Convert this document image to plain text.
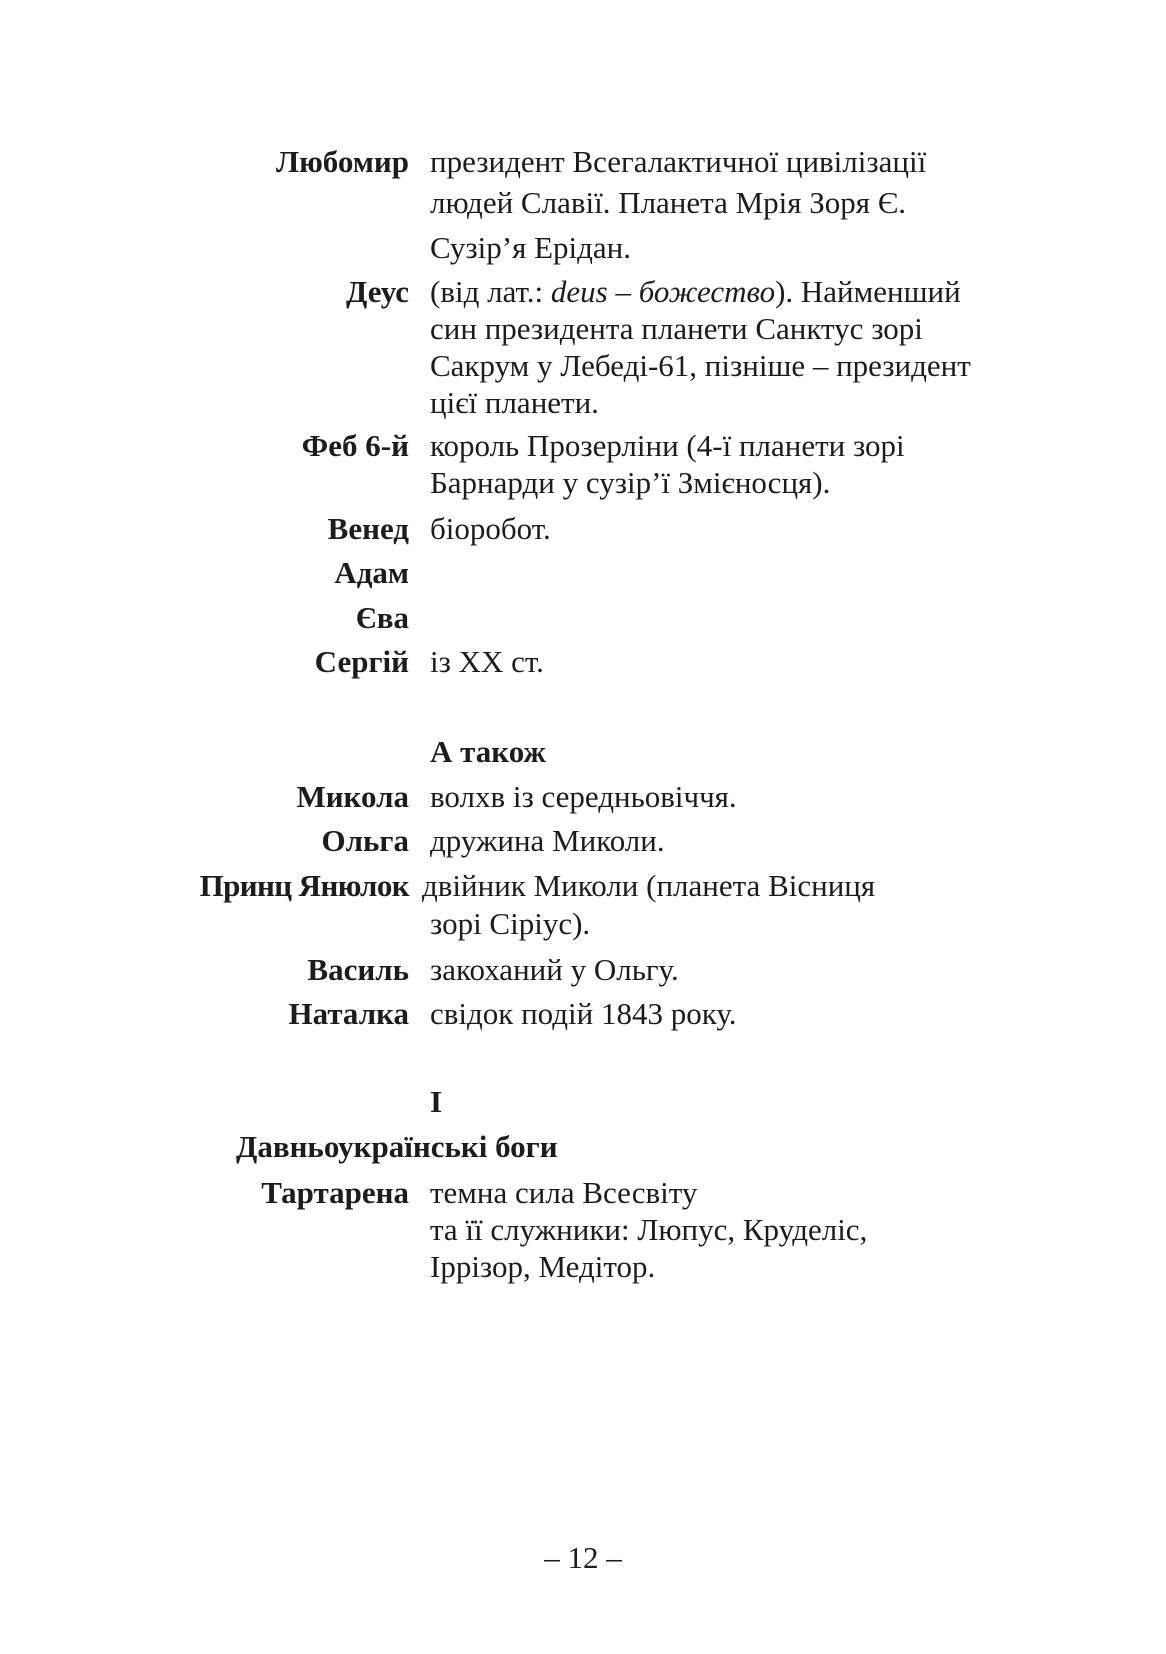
Любомир президент Всегалактичної цивілізації
людей Славії. Планета Мрія Зоря Є.
Сузір’я Ерідан.
Деус (від лат.: deus – божество). Найменший
син президента планети Санктус зорі
Сакрум у Лебеді-61, пізніше – президент
цієї планети.
Феб 6-й король Прозерліни (4-ї планети зорі
Барнарди у сузір’ї Змієносця).
Венед біоробот.
Адам
Єва
Сергій із XX ст.
А також
Микола волхв із середньовіччя.
Ольга дружина Миколи.
Принц Янюлок двійник Миколи (планета Вісниця
зорі Сіріус).
Василь закоханий у Ольгу.
Наталка свідок подій 1843 року.
І
Давньоукраїнські боги
Тартарена темна сила Всесвіту
та її служники: Люпус, Круделіс,
Іррізор, Медітор.
– 12 –
